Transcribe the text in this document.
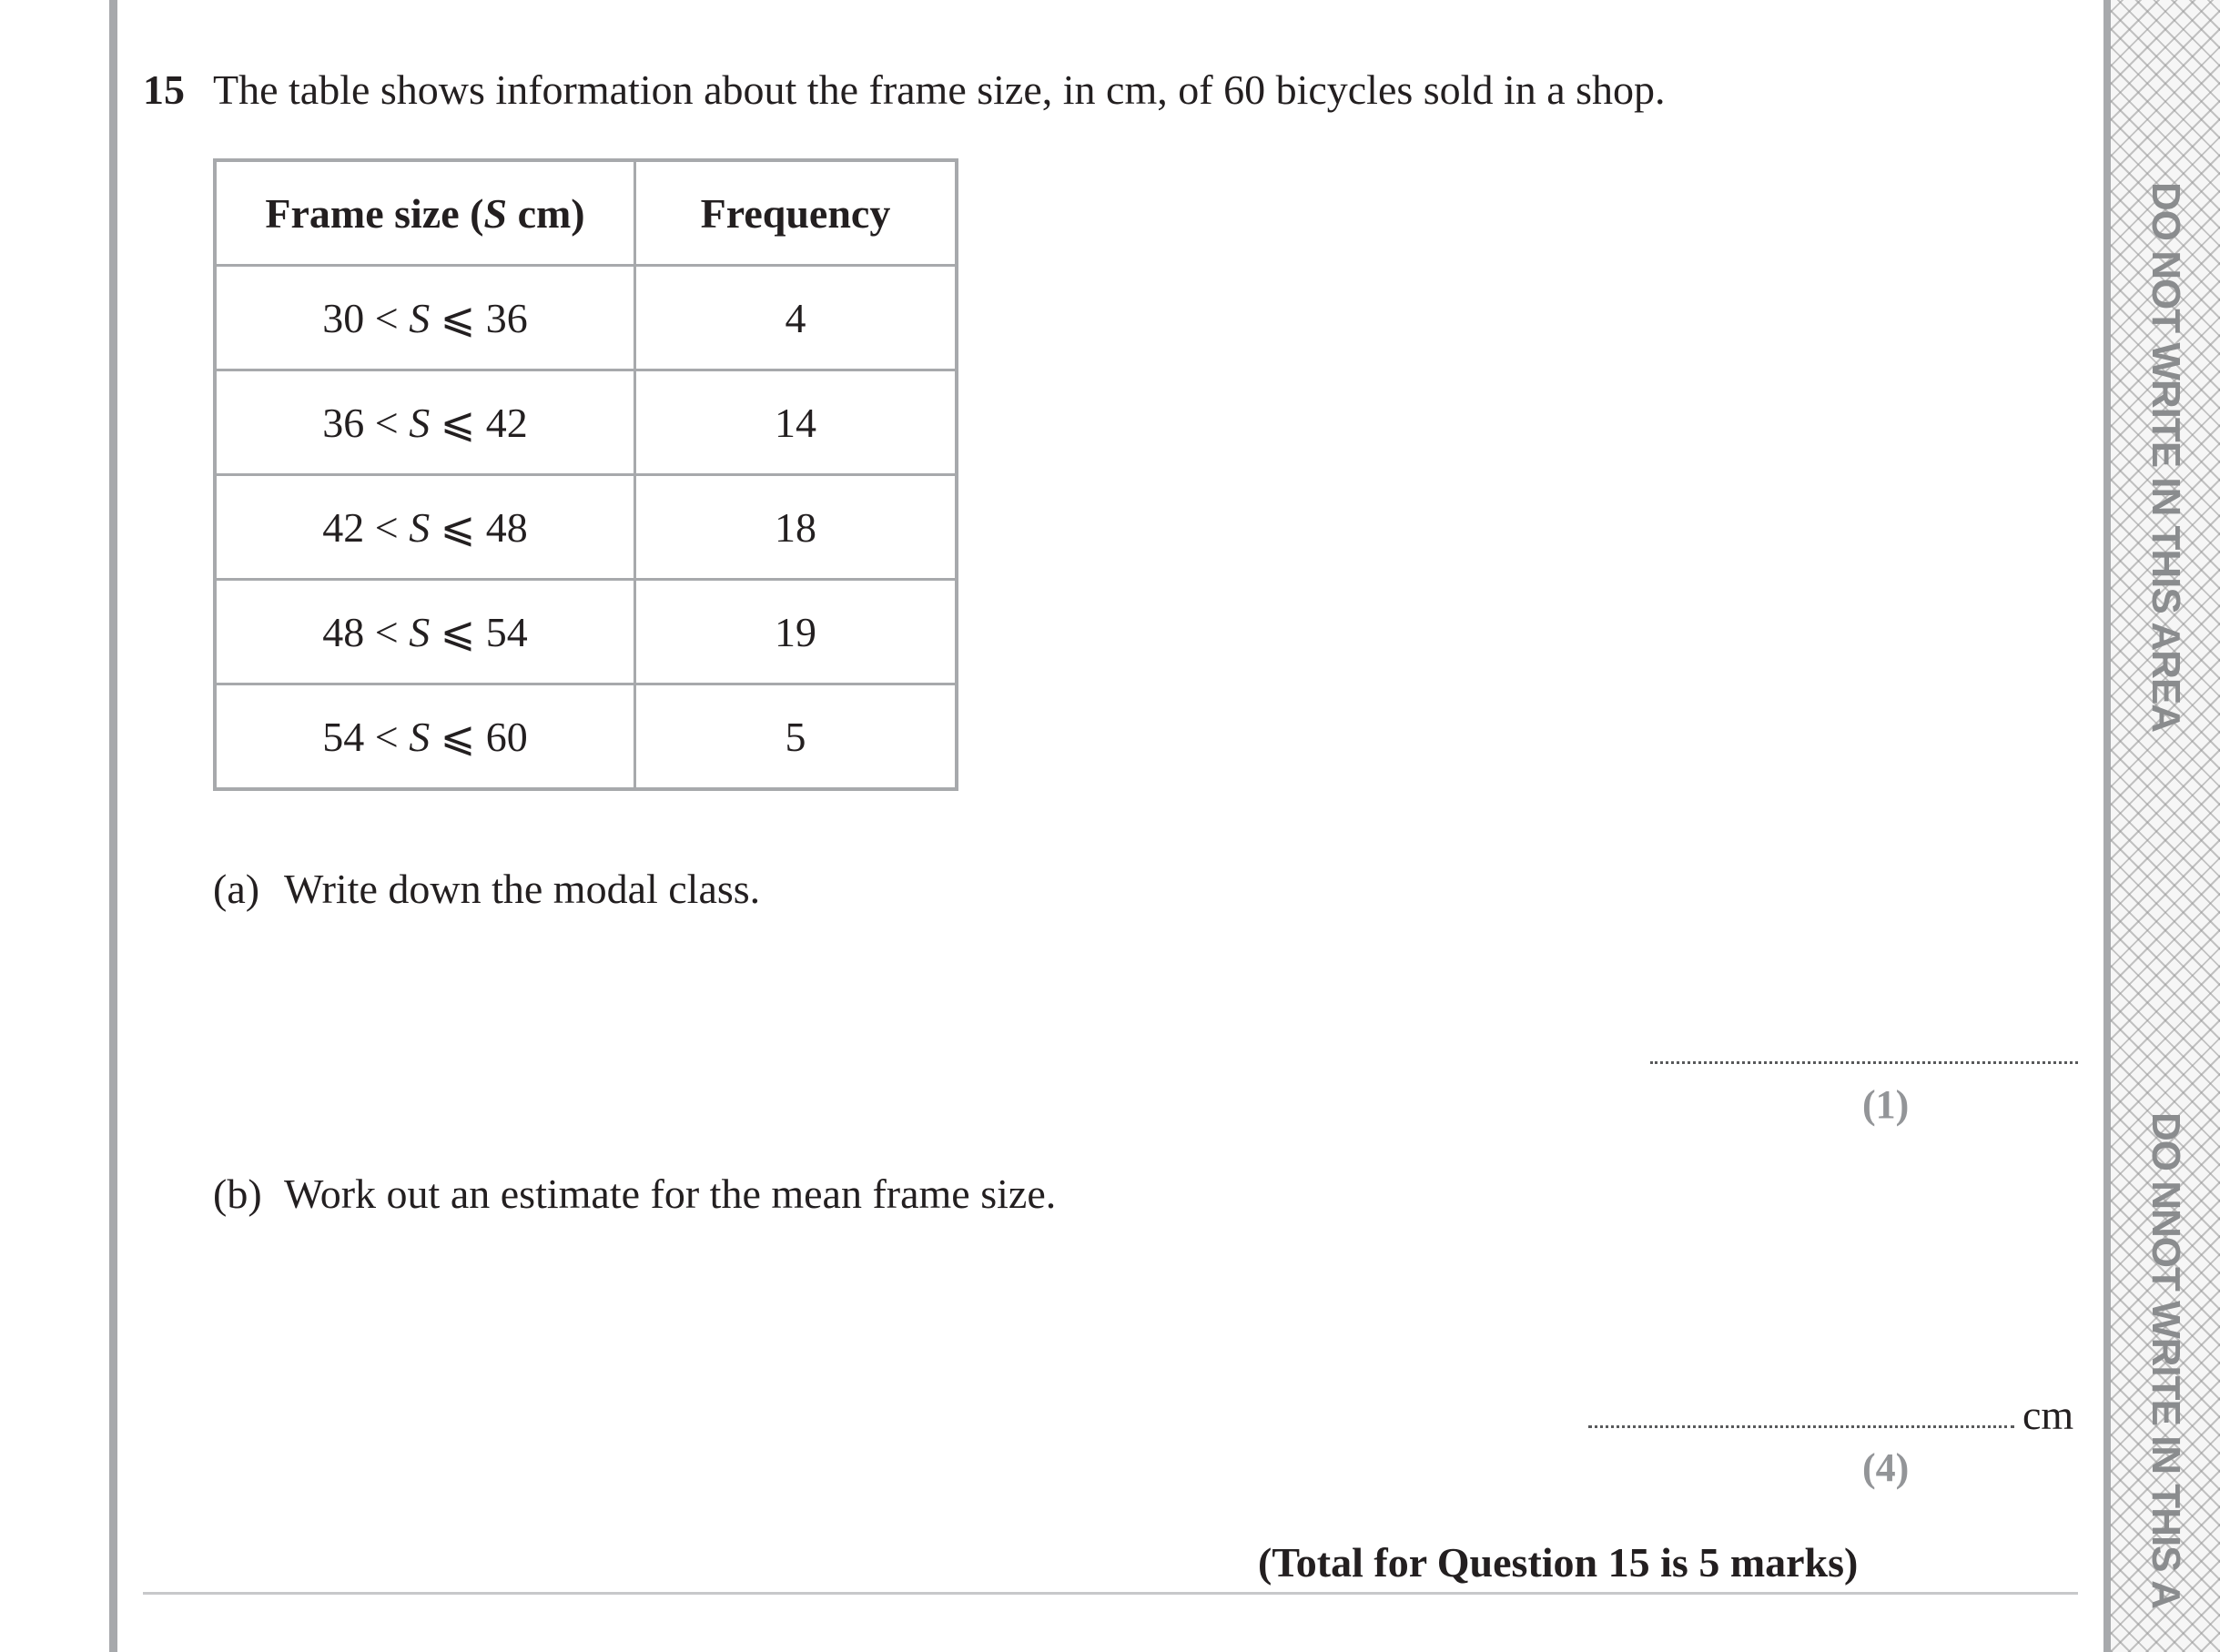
DO NOT WRITE IN THIS AREA
DO NNOT WRITE IN THIS A
15 The table shows information about the frame size, in cm, of 60 bicycles sold in a shop.
Frame size (S cm)	Frequency
30 < S ⩽ 36	4
36 < S ⩽ 42	14
42 < S ⩽ 48	18
48 < S ⩽ 54	19
54 < S ⩽ 60	5
(a) Write down the modal class.
(1)
(b) Work out an estimate for the mean frame size.
cm
(4)
(Total for Question 15 is 5 marks)
